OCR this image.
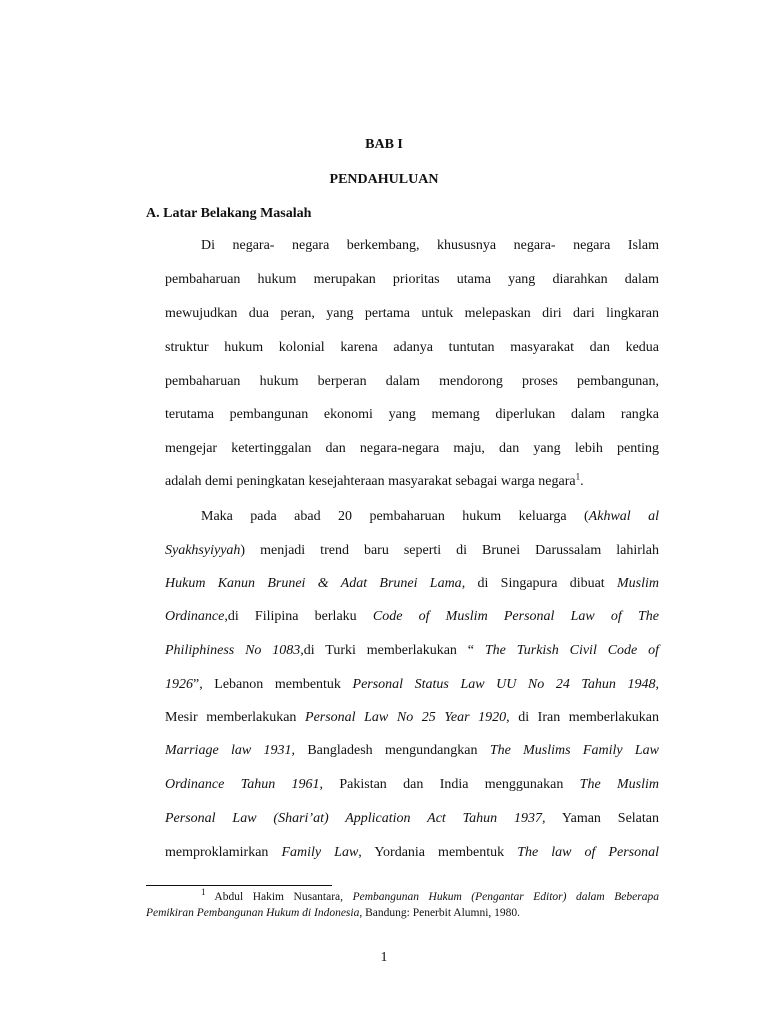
BAB I
PENDAHULUAN
A. Latar Belakang Masalah
Di negara- negara berkembang, khususnya negara- negara Islam
pembaharuan hukum merupakan prioritas utama yang diarahkan dalam
mewujudkan dua peran, yang pertama untuk melepaskan diri dari lingkaran
struktur hukum kolonial karena adanya tuntutan masyarakat dan kedua
pembaharuan hukum berperan dalam mendorong proses pembangunan,
terutama pembangunan ekonomi yang memang diperlukan dalam rangka
mengejar ketertinggalan dan negara-negara maju, dan yang lebih penting
adalah demi peningkatan kesejahteraan masyarakat sebagai warga negara$^1$.
Maka pada abad 20 pembaharuan hukum keluarga (Akhwal al
Syakhsyiyyah) menjadi trend baru seperti di Brunei Darussalam lahirlah
Hukum Kanun Brunei & Adat Brunei Lama, di Singapura dibuat Muslim
Ordinance,di Filipina berlaku Code of Muslim Personal Law of The
Philiphiness No 1083,di Turki memberlakukan “ The Turkish Civil Code of
1926”, Lebanon membentuk Personal Status Law UU No 24 Tahun 1948,
Mesir memberlakukan Personal Law No 25 Year 1920, di Iran memberlakukan
Marriage law 1931, Bangladesh mengundangkan The Muslims Family Law
Ordinance Tahun 1961, Pakistan dan India menggunakan The Muslim
Personal Law (Shari’at) Application Act Tahun 1937, Yaman Selatan
memproklamirkan Family Law, Yordania membentuk The law of Personal
$^1$ Abdul Hakim Nusantara, Pembangunan Hukum (Pengantar Editor) dalam Beberapa
Pemikiran Pembangunan Hukum di Indonesia, Bandung: Penerbit Alumni, 1980.
1
